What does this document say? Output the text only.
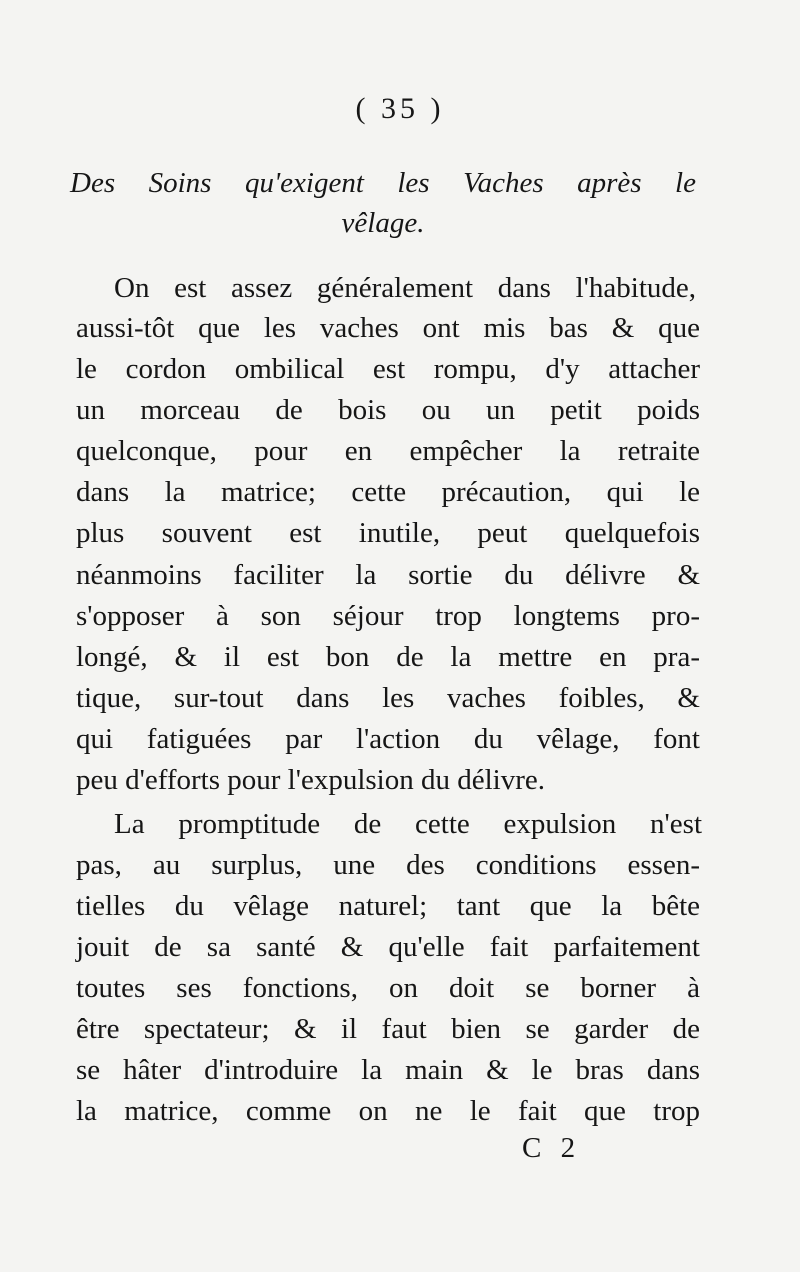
( 35 )
Des Soins qu'exigent les Vaches après le
vêlage.
On est assez généralement dans l'habitude,
aussi-tôt que les vaches ont mis bas & que
le cordon ombilical est rompu, d'y attacher
un morceau de bois ou un petit poids
quelconque, pour en empêcher la retraite
dans la matrice; cette précaution, qui le
plus souvent est inutile, peut quelquefois
néanmoins faciliter la sortie du délivre &
s'opposer à son séjour trop longtems pro-
longé, & il est bon de la mettre en pra-
tique, sur-tout dans les vaches foibles, &
qui fatiguées par l'action du vêlage, font
peu d'efforts pour l'expulsion du délivre.
La promptitude de cette expulsion n'est
pas, au surplus, une des conditions essen-
tielles du vêlage naturel; tant que la bête
jouit de sa santé & qu'elle fait parfaitement
toutes ses fonctions, on doit se borner à
être spectateur; & il faut bien se garder de
se hâter d'introduire la main & le bras dans
la matrice, comme on ne le fait que trop
C 2
